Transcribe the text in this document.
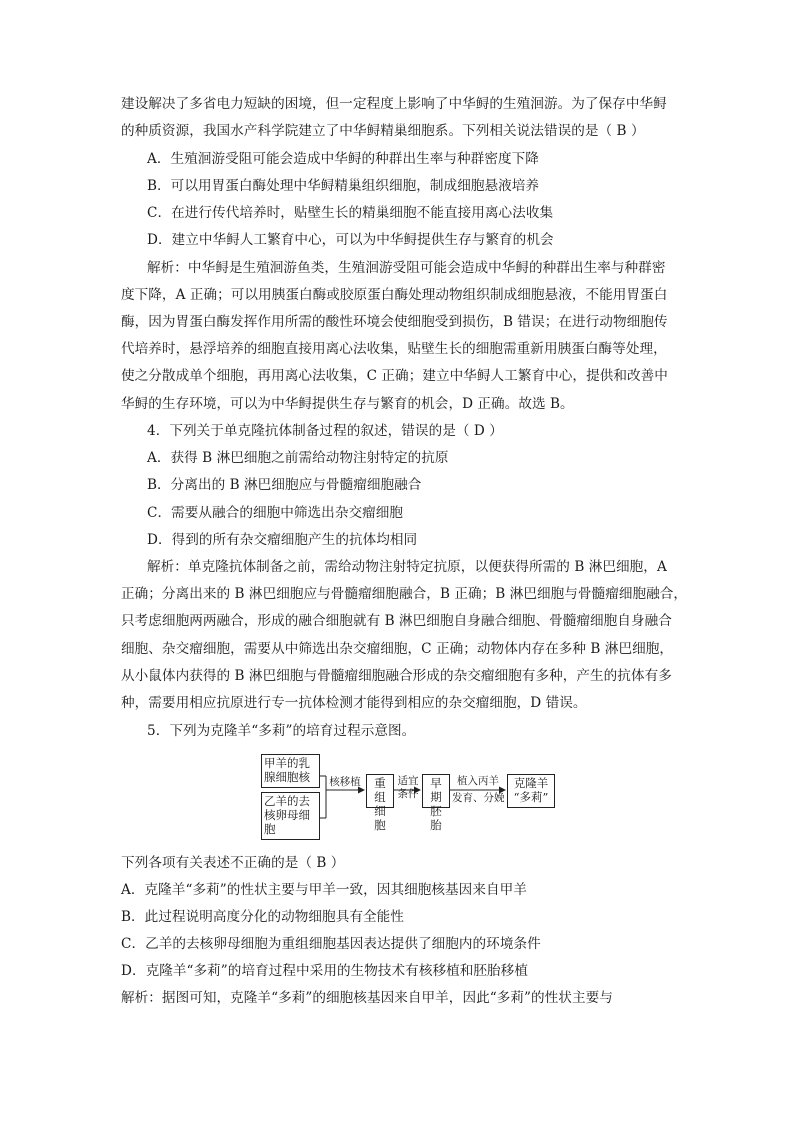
建设解决了多省电力短缺的困境，但一定程度上影响了中华鲟的生殖洄游。为了保存中华鲟
的种质资源，我国水产科学院建立了中华鲟精巢细胞系。下列相关说法错误的是（ B ）
A．生殖洄游受阻可能会造成中华鲟的种群出生率与种群密度下降
B．可以用胃蛋白酶处理中华鲟精巢组织细胞，制成细胞悬液培养
C．在进行传代培养时，贴壁生长的精巢细胞不能直接用离心法收集
D．建立中华鲟人工繁育中心，可以为中华鲟提供生存与繁育的机会
解析：中华鲟是生殖洄游鱼类，生殖洄游受阻可能会造成中华鲟的种群出生率与种群密
度下降，A 正确；可以用胰蛋白酶或胶原蛋白酶处理动物组织制成细胞悬液，不能用胃蛋白
酶，因为胃蛋白酶发挥作用所需的酸性环境会使细胞受到损伤，B 错误；在进行动物细胞传
代培养时，悬浮培养的细胞直接用离心法收集，贴壁生长的细胞需重新用胰蛋白酶等处理，
使之分散成单个细胞，再用离心法收集，C 正确；建立中华鲟人工繁育中心，提供和改善中
华鲟的生存环境，可以为中华鲟提供生存与繁育的机会，D 正确。故选 B。
4．下列关于单克隆抗体制备过程的叙述，错误的是（ D ）
A．获得 B 淋巴细胞之前需给动物注射特定的抗原
B．分离出的 B 淋巴细胞应与骨髓瘤细胞融合
C．需要从融合的细胞中筛选出杂交瘤细胞
D．得到的所有杂交瘤细胞产生的抗体均相同
解析：单克隆抗体制备之前，需给动物注射特定抗原，以便获得所需的 B 淋巴细胞，A
正确；分离出来的 B 淋巴细胞应与骨髓瘤细胞融合，B 正确；B 淋巴细胞与骨髓瘤细胞融合，
只考虑细胞两两融合，形成的融合细胞就有 B 淋巴细胞自身融合细胞、骨髓瘤细胞自身融合
细胞、杂交瘤细胞，需要从中筛选出杂交瘤细胞，C 正确；动物体内存在多种 B 淋巴细胞，
从小鼠体内获得的 B 淋巴细胞与骨髓瘤细胞融合形成的杂交瘤细胞有多种，产生的抗体有多
种，需要用相应抗原进行专一抗体检测才能得到相应的杂交瘤细胞，D 错误。
5．下列为克隆羊“多莉”的培育过程示意图。
甲羊的乳腺细胞核
乙羊的去核卵母细胞
核移植	重组细胞
适宜条件
早期胚胎
植入丙羊
发育、分娩
克隆羊
“多莉”
下列各项有关表述不正确的是（ B ）
A．克隆羊“多莉”的性状主要与甲羊一致，因其细胞核基因来自甲羊
B．此过程说明高度分化的动物细胞具有全能性
C．乙羊的去核卵母细胞为重组细胞基因表达提供了细胞内的环境条件
D．克隆羊“多莉”的培育过程中采用的生物技术有核移植和胚胎移植
解析：据图可知，克隆羊“多莉”的细胞核基因来自甲羊，因此“多莉”的性状主要与
